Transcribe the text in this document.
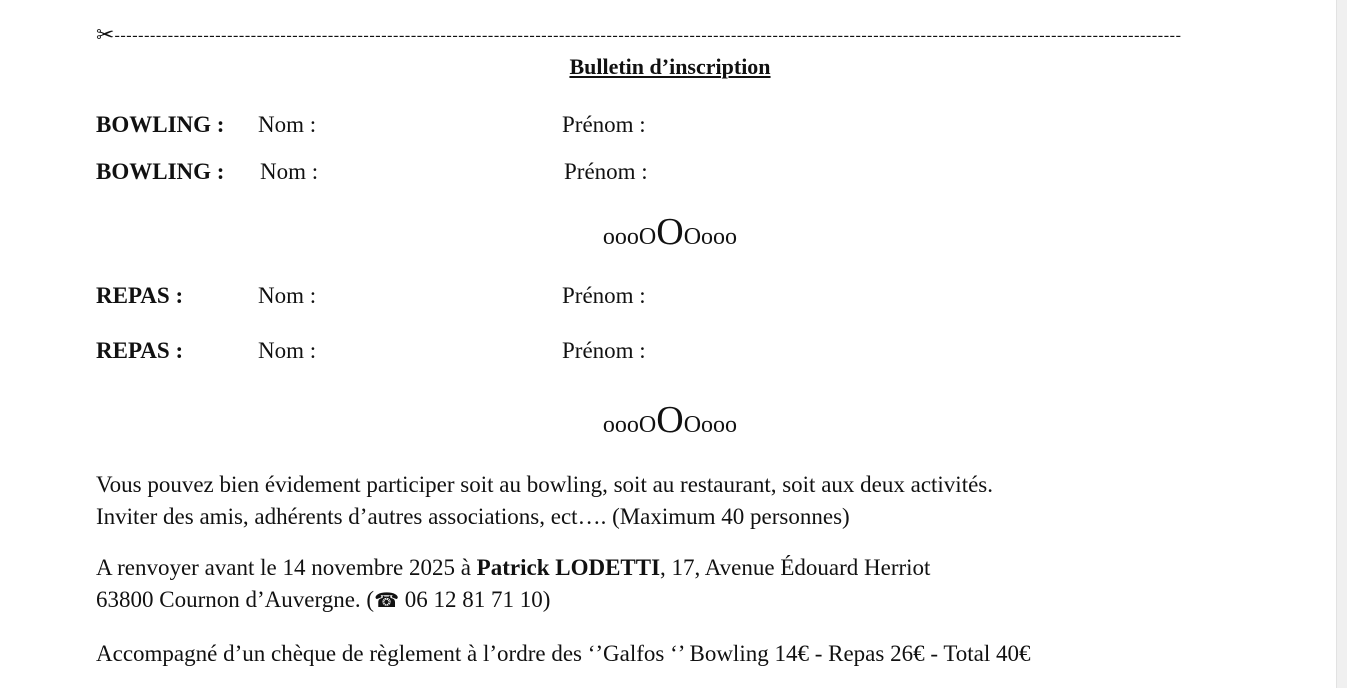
✂------------------------------------------------------------------------------------------------------------------------------------------------------------------------------------
Bulletin d’inscription
BOWLING : Nom :	Prénom :
BOWLING : Nom :	Prénom :
oooOOOooo
REPAS :	Nom :	Prénom :
REPAS :	Nom :	Prénom :
oooOOOooo
Vous pouvez bien évidement participer soit au bowling, soit au restaurant, soit aux deux activités.
Inviter des amis, adhérents d’autres associations, ect…. (Maximum 40 personnes)
A renvoyer avant le 14 novembre 2025 à Patrick LODETTI, 17, Avenue Édouard Herriot
63800 Cournon d’Auvergne. (☎ 06 12 81 71 10)
Accompagné d’un chèque de règlement à l’ordre des ‘’Galfos ‘’ Bowling 14€ - Repas 26€ - Total 40€
